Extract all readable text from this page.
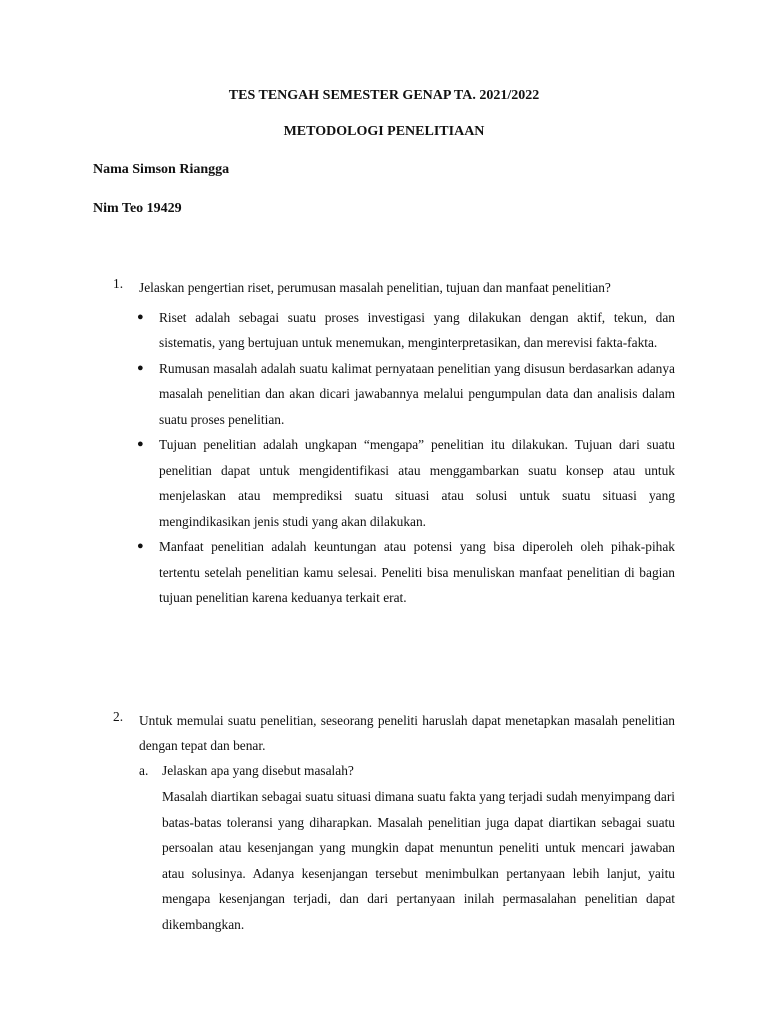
TES TENGAH SEMESTER GENAP TA. 2021/2022
METODOLOGI PENELITIAAN
Nama Simson Riangga
Nim Teo 19429
1. Jelaskan pengertian riset, perumusan masalah penelitian, tujuan dan manfaat penelitian?
● Riset adalah sebagai suatu proses investigasi yang dilakukan dengan aktif, tekun, dan sistematis, yang bertujuan untuk menemukan, menginterpretasikan, dan merevisi fakta-fakta.
● Rumusan masalah adalah suatu kalimat pernyataan penelitian yang disusun berdasarkan adanya masalah penelitian dan akan dicari jawabannya melalui pengumpulan data dan analisis dalam suatu proses penelitian.
● Tujuan penelitian adalah ungkapan “mengapa” penelitian itu dilakukan. Tujuan dari suatu penelitian dapat untuk mengidentifikasi atau menggambarkan suatu konsep atau untuk menjelaskan atau memprediksi suatu situasi atau solusi untuk suatu situasi yang mengindikasikan jenis studi yang akan dilakukan.
● Manfaat penelitian adalah keuntungan atau potensi yang bisa diperoleh oleh pihak-pihak tertentu setelah penelitian kamu selesai. Peneliti bisa menuliskan manfaat penelitian di bagian tujuan penelitian karena keduanya terkait erat.
2. Untuk memulai suatu penelitian, seseorang peneliti haruslah dapat menetapkan masalah penelitian dengan tepat dan benar.
a. Jelaskan apa yang disebut masalah?
Masalah diartikan sebagai suatu situasi dimana suatu fakta yang terjadi sudah menyimpang dari batas-batas toleransi yang diharapkan. Masalah penelitian juga dapat diartikan sebagai suatu persoalan atau kesenjangan yang mungkin dapat menuntun peneliti untuk mencari jawaban atau solusinya. Adanya kesenjangan tersebut menimbulkan pertanyaan lebih lanjut, yaitu mengapa kesenjangan terjadi, dan dari pertanyaan inilah permasalahan penelitian dapat dikembangkan.
